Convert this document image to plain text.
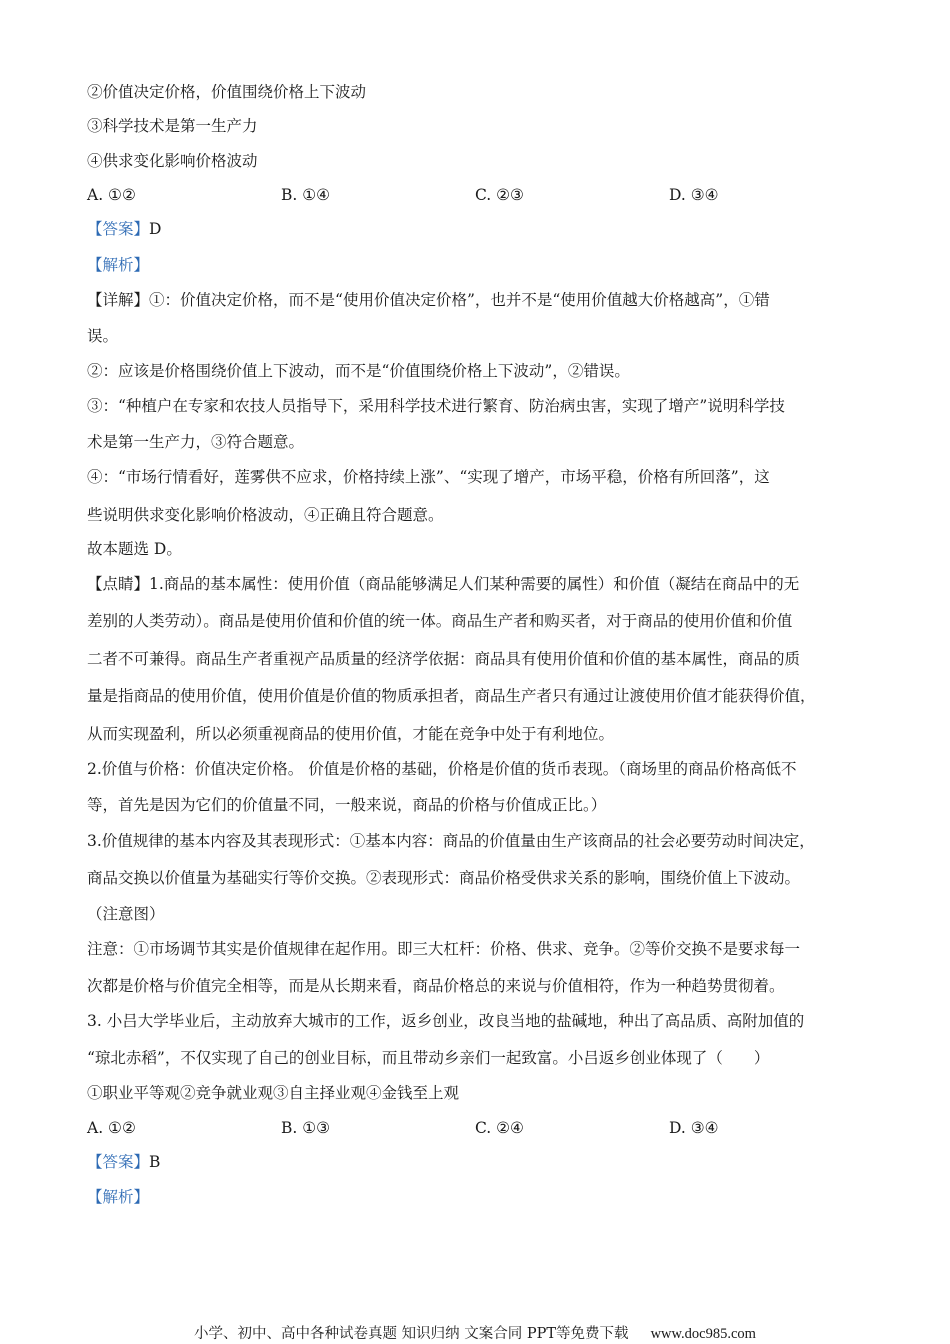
②价值决定价格，价值围绕价格上下波动
③科学技术是第一生产力
④供求变化影响价格波动
A. ①②	B. ①④	C. ②③	D. ③④
【答案】D
【解析】
【详解】①：价值决定价格，而不是“使用价值决定价格”，也并不是“使用价值越大价格越高”，①错
误。
②：应该是价格围绕价值上下波动，而不是“价值围绕价格上下波动”，②错误。
③：“种植户在专家和农技人员指导下，采用科学技术进行繁育、防治病虫害，实现了增产”说明科学技
术是第一生产力，③符合题意。
④：“市场行情看好，莲雾供不应求，价格持续上涨”、“实现了增产，市场平稳，价格有所回落”，这
些说明供求变化影响价格波动，④正确且符合题意。
故本题选 D。
【点睛】1.商品的基本属性：使用价值（商品能够满足人们某种需要的属性）和价值（凝结在商品中的无
差别的人类劳动）。商品是使用价值和价值的统一体。商品生产者和购买者，对于商品的使用价值和价值
二者不可兼得。商品生产者重视产品质量的经济学依据：商品具有使用价值和价值的基本属性，商品的质
量是指商品的使用价值，使用价值是价值的物质承担者，商品生产者只有通过让渡使用价值才能获得价值，
从而实现盈利，所以必须重视商品的使用价值，才能在竞争中处于有利地位。
2.价值与价格：价值决定价格。 价值是价格的基础，价格是价值的货币表现。（商场里的商品价格高低不
等，首先是因为它们的价值量不同，一般来说，商品的价格与价值成正比。）
3.价值规律的基本内容及其表现形式：①基本内容：商品的价值量由生产该商品的社会必要劳动时间决定，
商品交换以价值量为基础实行等价交换。②表现形式：商品价格受供求关系的影响，围绕价值上下波动。
（注意图）
注意：①市场调节其实是价值规律在起作用。即三大杠杆：价格、供求、竞争。②等价交换不是要求每一
次都是价格与价值完全相等，而是从长期来看，商品价格总的来说与价值相符，作为一种趋势贯彻着。
3. 小吕大学毕业后，主动放弃大城市的工作，返乡创业，改良当地的盐碱地，种出了高品质、高附加值的
“琼北赤稻”，不仅实现了自己的创业目标，而且带动乡亲们一起致富。小吕返乡创业体现了（　　）
①职业平等观②竞争就业观③自主择业观④金钱至上观
A. ①②	B. ①③	C. ②④	D. ③④
【答案】B
【解析】
小学、初中、高中各种试卷真题 知识归纳 文案合同 PPT等免费下载 www.doc985.com
